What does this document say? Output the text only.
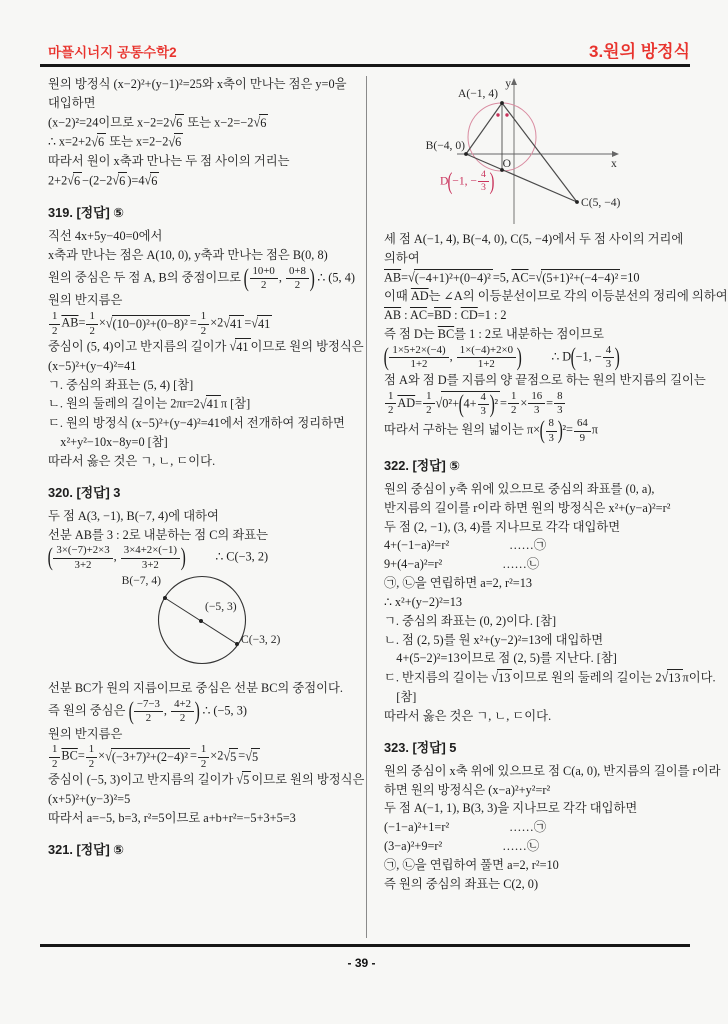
마플시너지 공통수학2	3.원의 방정식
- 39 -
원의 방정식 (x−2)²+(y−1)²=25와 x축이 만나는 점은 y=0을
대입하면
(x−2)²=24이므로 x−2=2√6 또는 x−2=−2√6
∴ x=2+2√6 또는 x=2−2√6
따라서 원이 x축과 만나는 두 점 사이의 거리는
2+2√6 −(2−2√6 )=4√6
319. [정답] ⑤
직선 4x+5y−40=0에서
x축과 만나는 점은 A(10, 0), y축과 만나는 점은 B(0, 8)
원의 중심은 두 점 A, B의 중점이므로 ( $\frac{10+0}{2}$ , $\frac{0+8}{2}$ ) ∴ (5, 4)
원의 반지름은
$\frac{1}{2} \overline{AB}= \frac{1}{2} \times√(10-0)^2+(0-8)^2 = \frac{1}{2} \times 2√41 =√41$
중심이 (5, 4)이고 반지름의 길이가 √41 이므로 원의 방정식은
(x−5)²+(y−4)²=41
ㄱ. 중심의 좌표는 (5, 4) [참]
ㄴ. 원의 둘레의 길이는 2πr=2√41 π [참]
ㄷ. 원의 방정식 (x−5)²+(y−4)²=41에서 전개하여 정리하면
 x²+y²−10x−8y=0 [참]
따라서 옳은 것은 ㄱ, ㄴ, ㄷ이다.
320. [정답] 3
두 점 A(3, −1), B(−7, 4)에 대하여
선분 AB를 3 : 2로 내분하는 점 C의 좌표는
( $\frac{3\times(-7)+2\times 3}{3+2}$ , $\frac{3\times 4+2\times(-1)}{3+2}$ ) ∴ C(−3, 2)
B(−7, 4)
(−5, 3)
C(−3, 2)
선분 BC가 원의 지름이므로 중심은 선분 BC의 중점이다.
즉 원의 중심은 ( $\frac{-7-3}{2}$ , $\frac{4+2}{2}$ ) ∴ (−5, 3)
원의 반지름은
$\frac{1}{2} \overline{BC}= \frac{1}{2} \times√(-3+7)^2+(2-4)^2 = \frac{1}{2} \times 2√5 =√5$
중심이 (−5, 3)이고 반지름의 길이가 √5 이므로 원의 방정식은
(x+5)²+(y−3)²=5
따라서 a=−5, b=3, r²=5이므로 a+b+r²=−5+3+5=3
321. [정답] ⑤
A(−1, 4)
B(−4, 0)
C(5, −4)
O	x
y
D ( −1, − $\frac{4}{3}$ )
세 점 A(−1, 4), B(−4, 0), C(5, −4)에서 두 점 사이의 거리에
의하여
$\overline{AB}=√(-4+1)^2+(0-4)^2 =5$, $\overline{AC}=√(5+1)^2+(-4-4)^2 =10$
이때 $\overline{AD}$는 ∠A의 이등분선이므로 각의 이등분선의 정리에 의하여
$\overline{AB}$ : $\overline{AC}=\overline{BD}$ : $\overline{CD}=1$ : 2
즉 점 D는 $\overline{BC}$를 1 : 2로 내분하는 점이므로
( $\frac{1\times 5+2\times(-4)}{1+2}$ , $\frac{1\times(-4)+2\times 0}{1+2}$ ) ∴ D ( −1, − $\frac{4}{3}$ )
점 A와 점 D를 지름의 양 끝점으로 하는 원의 반지름의 길이는
$\frac{1}{2} \overline{AD}= \frac{1}{2} √0^2+$ ( $4+ \frac{4}{3}$ ) $^2 = \frac{1}{2} \times \frac{16}{3} = \frac{8}{3}$
따라서 구하는 원의 넓이는 π× ( $\frac{8}{3}$ ) $^2= \frac{64}{9}$ π
322. [정답] ⑤
원의 중심이 y축 위에 있으므로 중심의 좌표를 (0, a),
반지름의 길이를 r이라 하면 원의 방정식은 x²+(y−a)²=r²
두 점 (2, −1), (3, 4)를 지나므로 각각 대입하면
4+(−1−a)²=r²	……㉠
9+(4−a)²=r²	……㉡
㉠, ㉡을 연립하면 a=2, r²=13
∴ x²+(y−2)²=13
ㄱ. 중심의 좌표는 (0, 2)이다. [참]
ㄴ. 점 (2, 5)를 원 x²+(y−2)²=13에 대입하면
 4+(5−2)²=13이므로 점 (2, 5)를 지난다. [참]
ㄷ. 반지름의 길이는 √13 이므로 원의 둘레의 길이는 2√13 π이다.
 [참]
따라서 옳은 것은 ㄱ, ㄴ, ㄷ이다.
323. [정답] 5
원의 중심이 x축 위에 있으므로 점 C(a, 0), 반지름의 길이를 r이라
하면 원의 방정식은 (x−a)²+y²=r²
두 점 A(−1, 1), B(3, 3)을 지나므로 각각 대입하면
(−1−a)²+1=r²	……㉠
(3−a)²+9=r²	……㉡
㉠, ㉡을 연립하여 풀면 a=2, r²=10
즉 원의 중심의 좌표는 C(2, 0)
